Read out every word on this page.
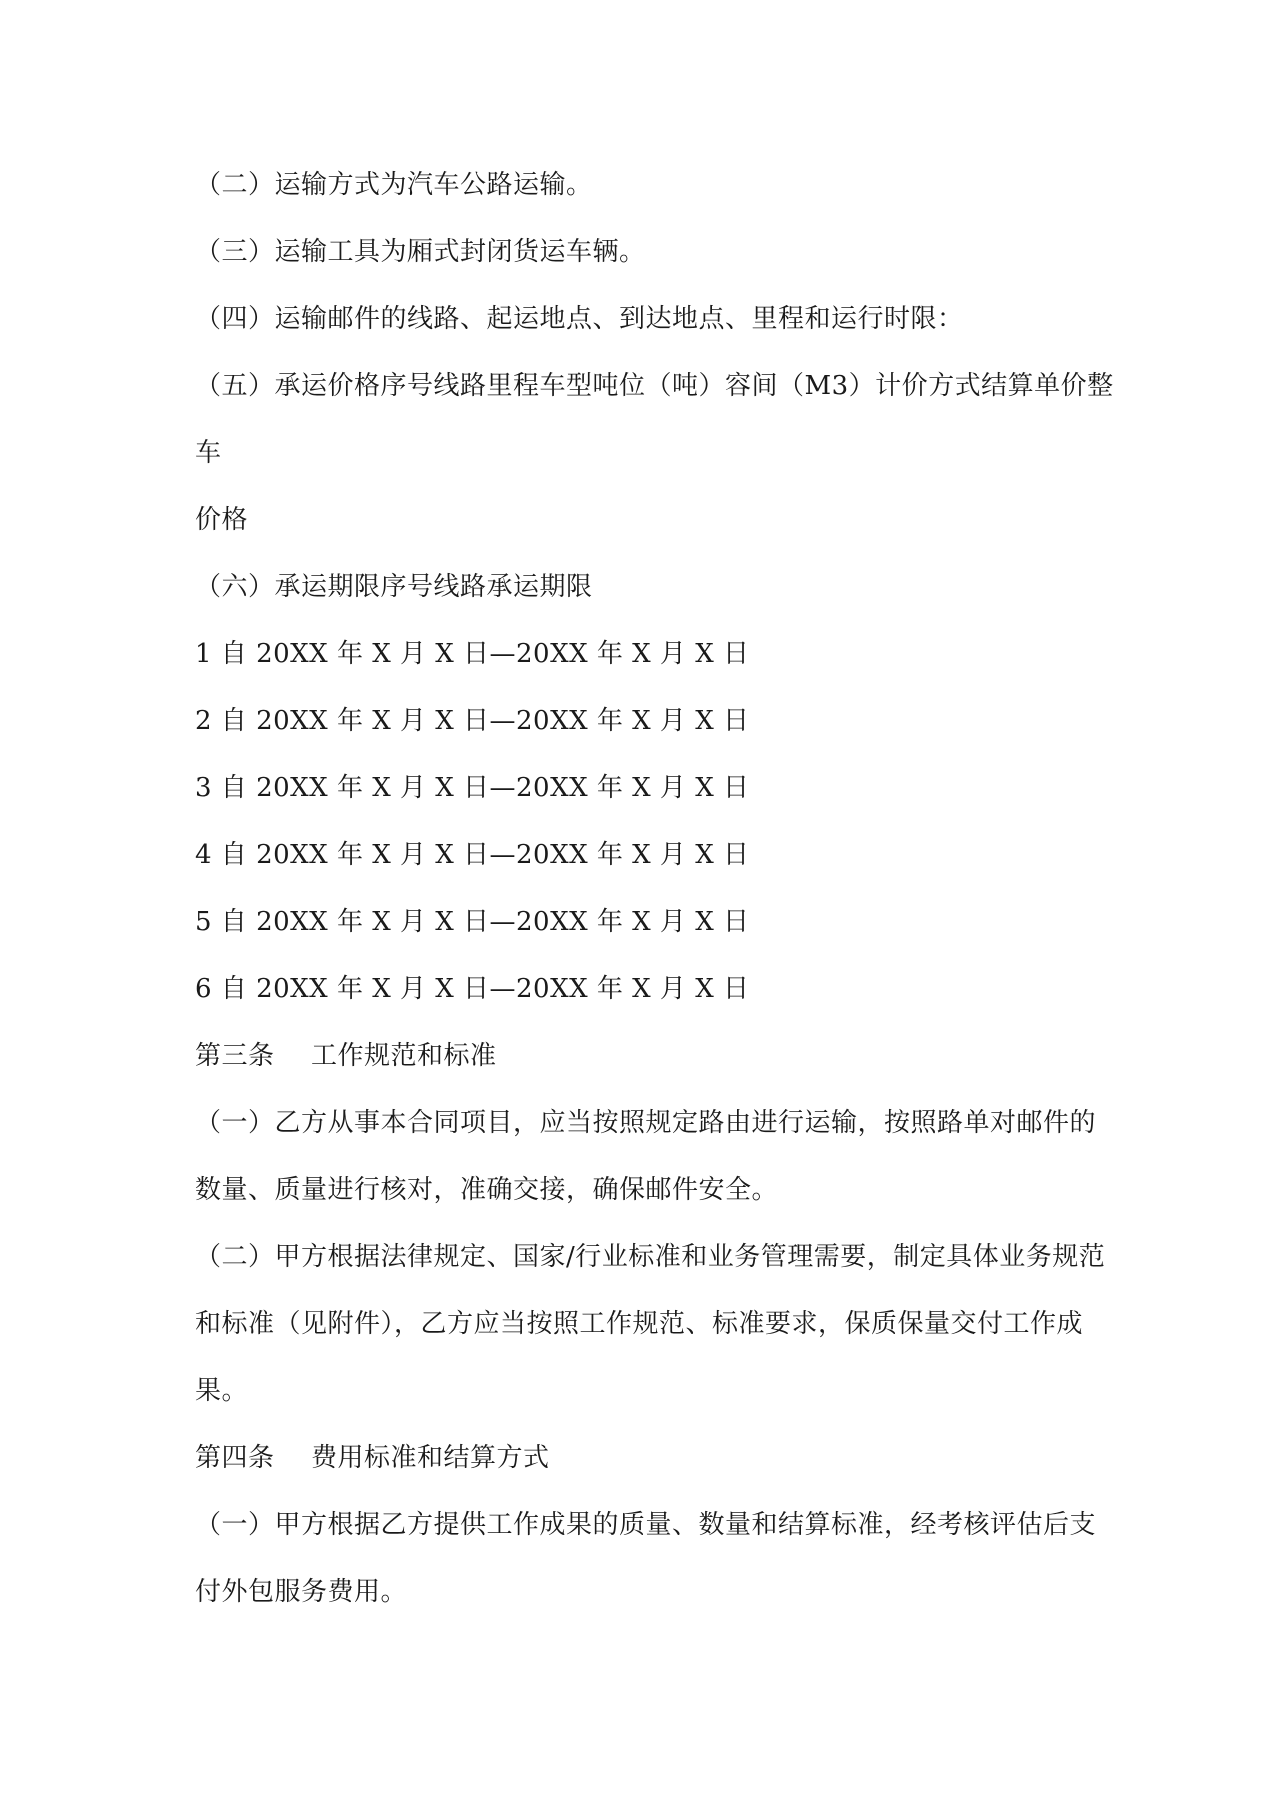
（二）运输方式为汽车公路运输。
（三）运输工具为厢式封闭货运车辆。
（四）运输邮件的线路、起运地点、到达地点、里程和运行时限：
（五）承运价格序号线路里程车型吨位（吨）容间（M3）计价方式结算单价整
车
价格
（六）承运期限序号线路承运期限
1 自 20XX 年 X 月 X 日—20XX 年 X 月 X 日
2 自 20XX 年 X 月 X 日—20XX 年 X 月 X 日
3 自 20XX 年 X 月 X 日—20XX 年 X 月 X 日
4 自 20XX 年 X 月 X 日—20XX 年 X 月 X 日
5 自 20XX 年 X 月 X 日—20XX 年 X 月 X 日
6 自 20XX 年 X 月 X 日—20XX 年 X 月 X 日
第三条 工作规范和标准
（一）乙方从事本合同项目，应当按照规定路由进行运输，按照路单对邮件的
数量、质量进行核对，准确交接，确保邮件安全。
（二）甲方根据法律规定、国家/行业标准和业务管理需要，制定具体业务规范
和标准（见附件），乙方应当按照工作规范、标准要求，保质保量交付工作成
果。
第四条 费用标准和结算方式
（一）甲方根据乙方提供工作成果的质量、数量和结算标准，经考核评估后支
付外包服务费用。
